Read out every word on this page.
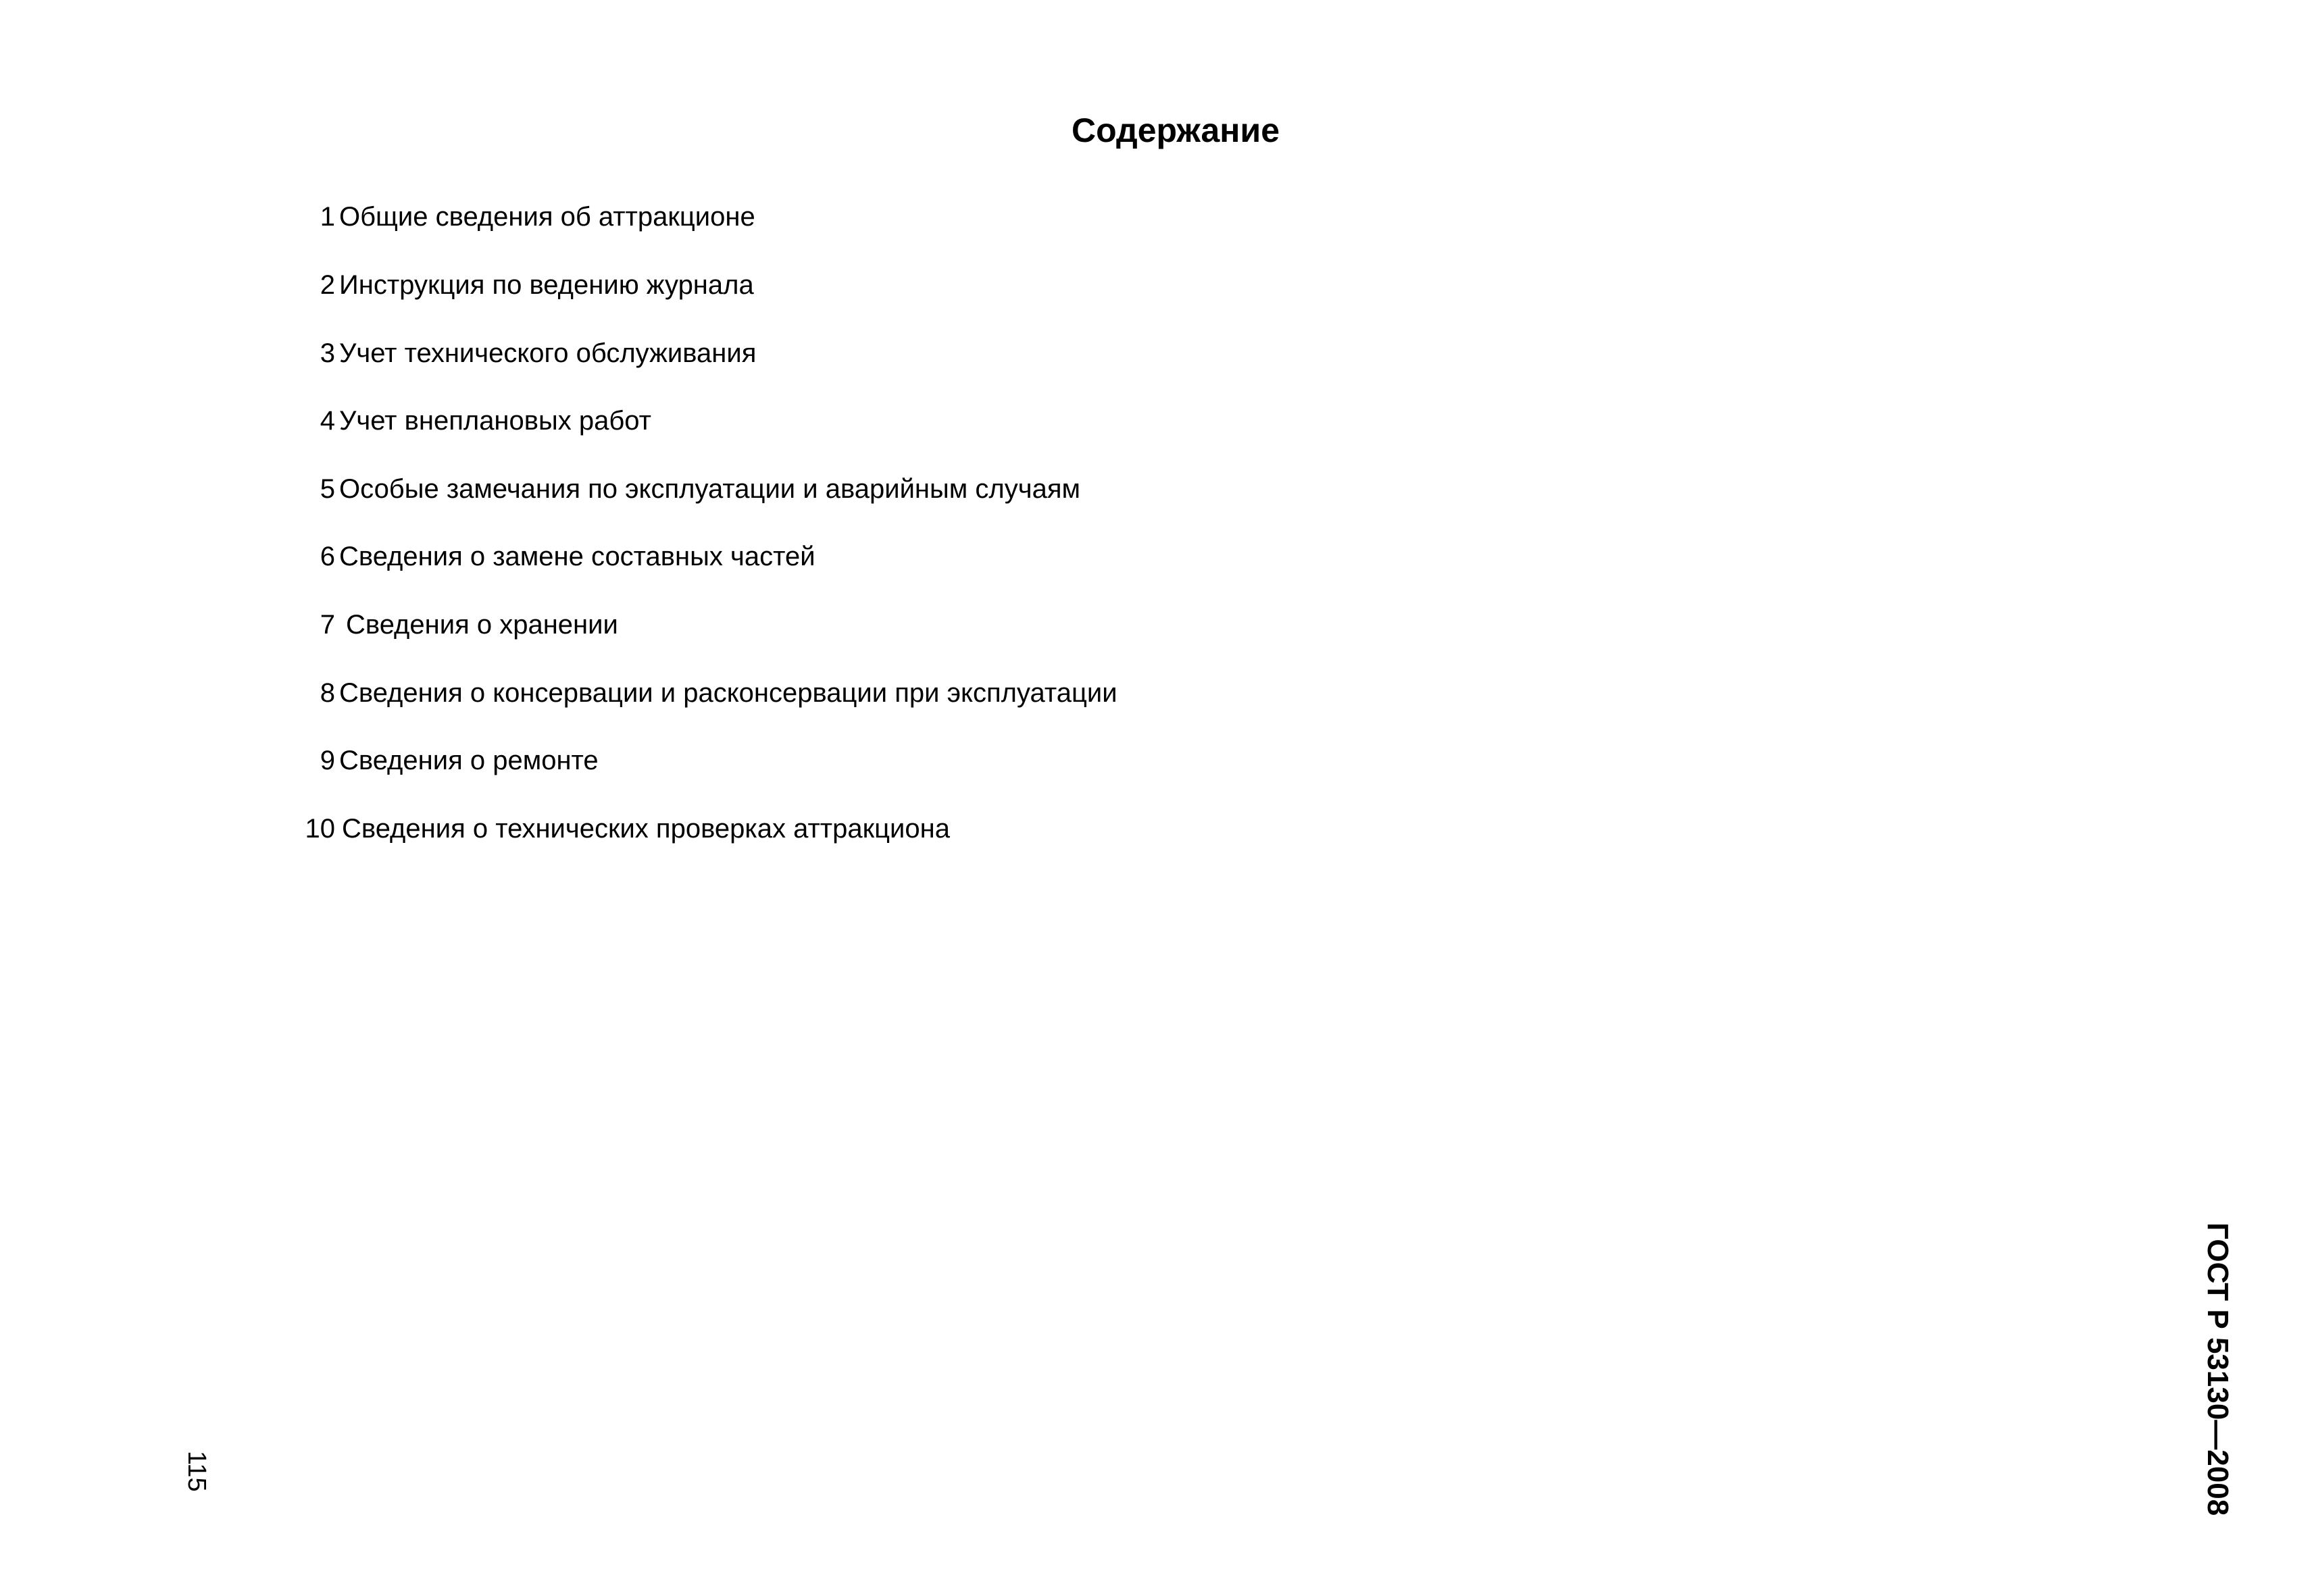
Содержание
1 Общие сведения об аттракционе
2 Инструкция по ведению журнала
3 Учет технического обслуживания
4 Учет внеплановых работ
5 Особые замечания по эксплуатации и аварийным случаям
6 Сведения о замене составных частей
7 Сведения о хранении
8 Сведения о консервации и расконсервации при эксплуатации
9 Сведения о ремонте
10 Сведения о технических проверках аттракциона
ГОСТ Р 53130—2008
115
